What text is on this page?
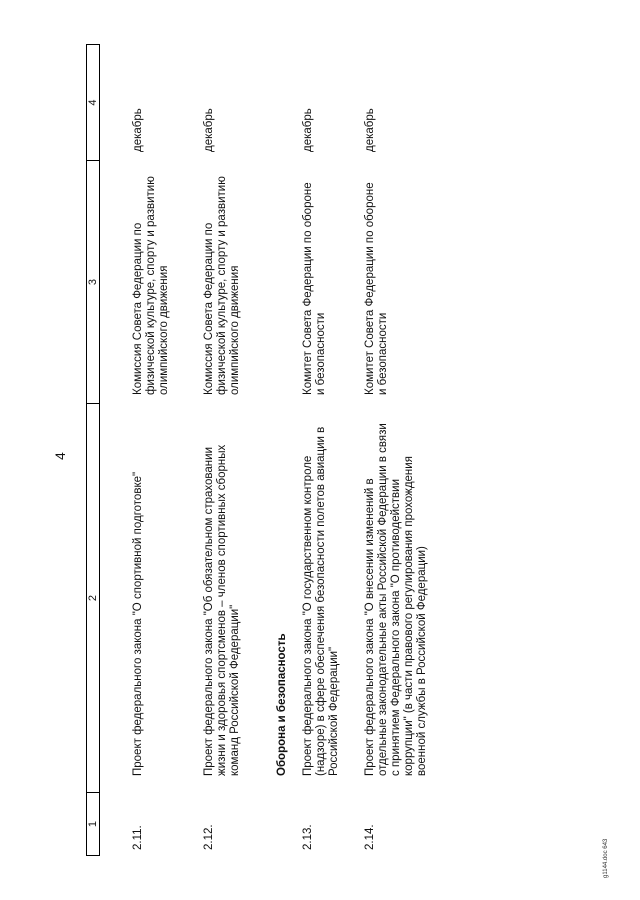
4
1
2
3
4
2.11.
Проект федерального закона "О спортивной подготовке"
Комиссия Совета Федерации по физической культуре, спорту и развитию олимпийского движения
декабрь
2.12.
Проект федерального закона "Об обязательном страховании жизни и здоровья спортсменов – членов спортивных сборных команд Российской Федерации"
Комиссия Совета Федерации по физической культуре, спорту и развитию олимпийского движения
декабрь
Оборона и безопасность
2.13.
Проект федерального закона "О государственном контроле (надзоре) в сфере обеспечения безопасности полетов авиации в Российской Федерации"
Комитет Совета Федерации по обороне и безопасности
декабрь
2.14.
Проект федерального закона "О внесении изменений в отдельные законодательные акты Российской Федерации в связи с принятием Федерального закона "О противодействии коррупции" (в части правового регулирования прохождения военной службы в Российской Федерации)
Комитет Совета Федерации по обороне и безопасности
декабрь
g1144.doc 643
